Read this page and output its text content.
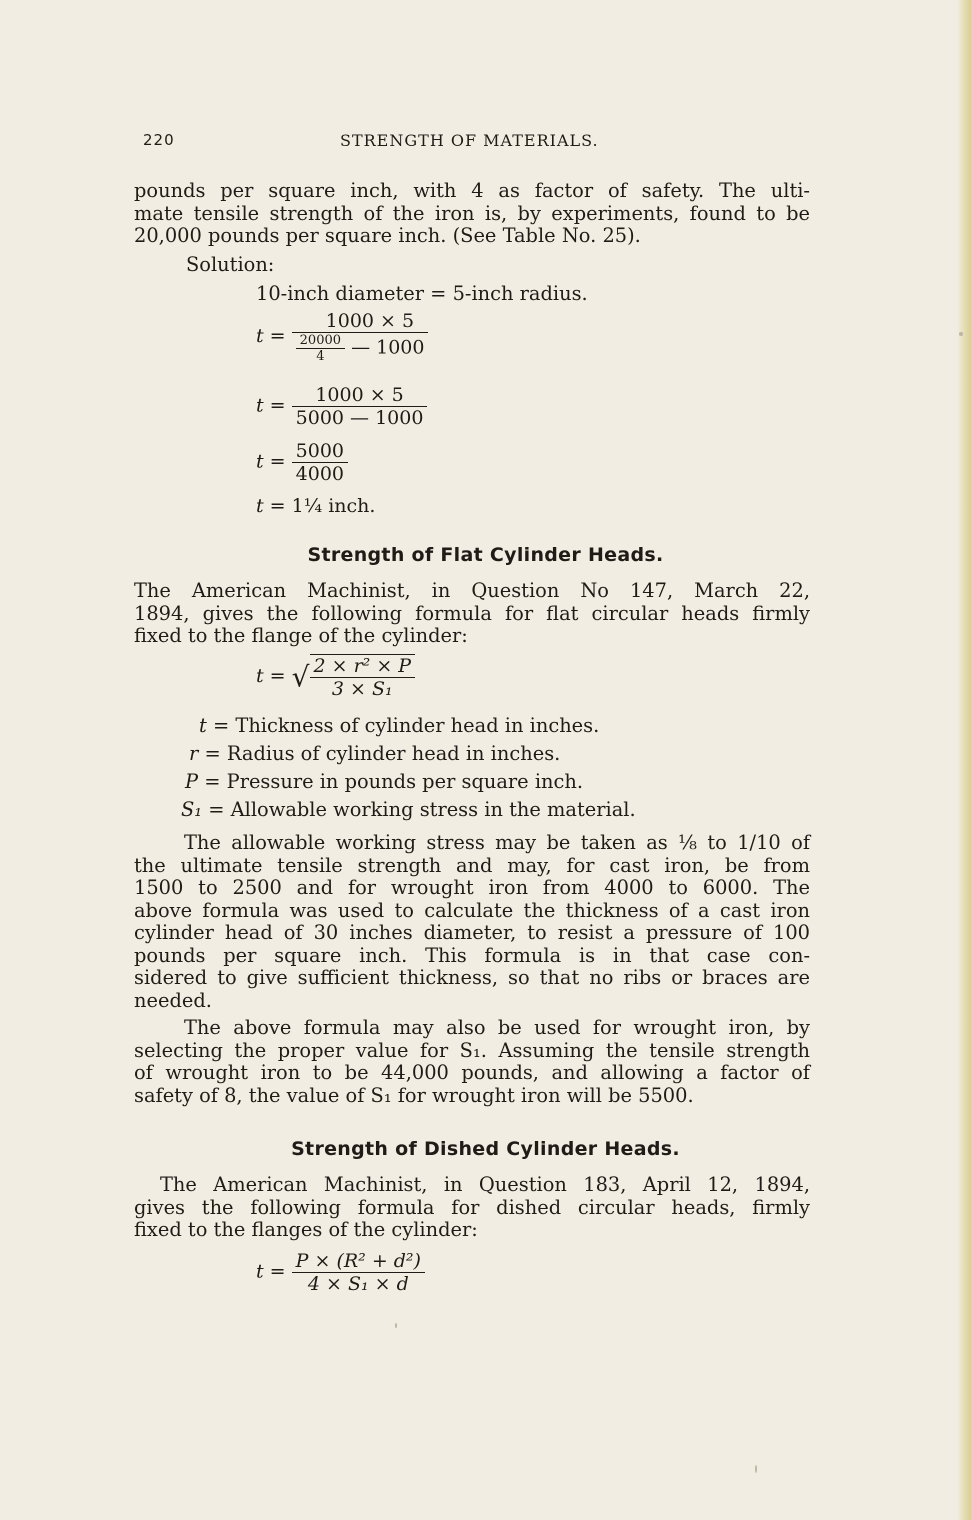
220	STRENGTH OF MATERIALS.

pounds per square inch, with 4 as factor of safety. The ulti-
mate tensile strength of the iron is, by experiments, found to be
20,000 pounds per square inch. (See Table No. 25).

Solution:
10-inch diameter = 5-inch radius.
$t = \frac{1000 \times 5}{\frac{20000}{4} — 1000}$
$t = \frac{1000 \times 5}{5000 — 1000}$
$t = \frac{5000}{4000}$
t = 1¼ inch.
Strength of Flat Cylinder Heads.

The American Machinist, in Question No 147, March 22,
1894, gives the following formula for flat circular heads firmly
fixed to the flange of the cylinder:

t = √ $\frac{\text{2 × r² × P}}{\text{3 × S₁}}$
t = Thickness of cylinder head in inches.
r = Radius of cylinder head in inches.
P = Pressure in pounds per square inch.
S₁ = Allowable working stress in the material.

The allowable working stress may be taken as ⅛ to 1/10 of
the ultimate tensile strength and may, for cast iron, be from
1500 to 2500 and for wrought iron from 4000 to 6000. The
above formula was used to calculate the thickness of a cast iron
cylinder head of 30 inches diameter, to resist a pressure of 100
pounds per square inch. This formula is in that case con-
sidered to give sufficient thickness, so that no ribs or braces are
needed.

The above formula may also be used for wrought iron, by
selecting the proper value for S₁. Assuming the tensile strength
of wrought iron to be 44,000 pounds, and allowing a factor of
safety of 8, the value of S₁ for wrought iron will be 5500.

Strength of Dished Cylinder Heads.

The American Machinist, in Question 183, April 12, 1894,
gives the following formula for dished circular heads, firmly
fixed to the flanges of the cylinder:

$t = \frac{\text{P × (R² + d²)}}{\text{4 × S₁ × d}}$
